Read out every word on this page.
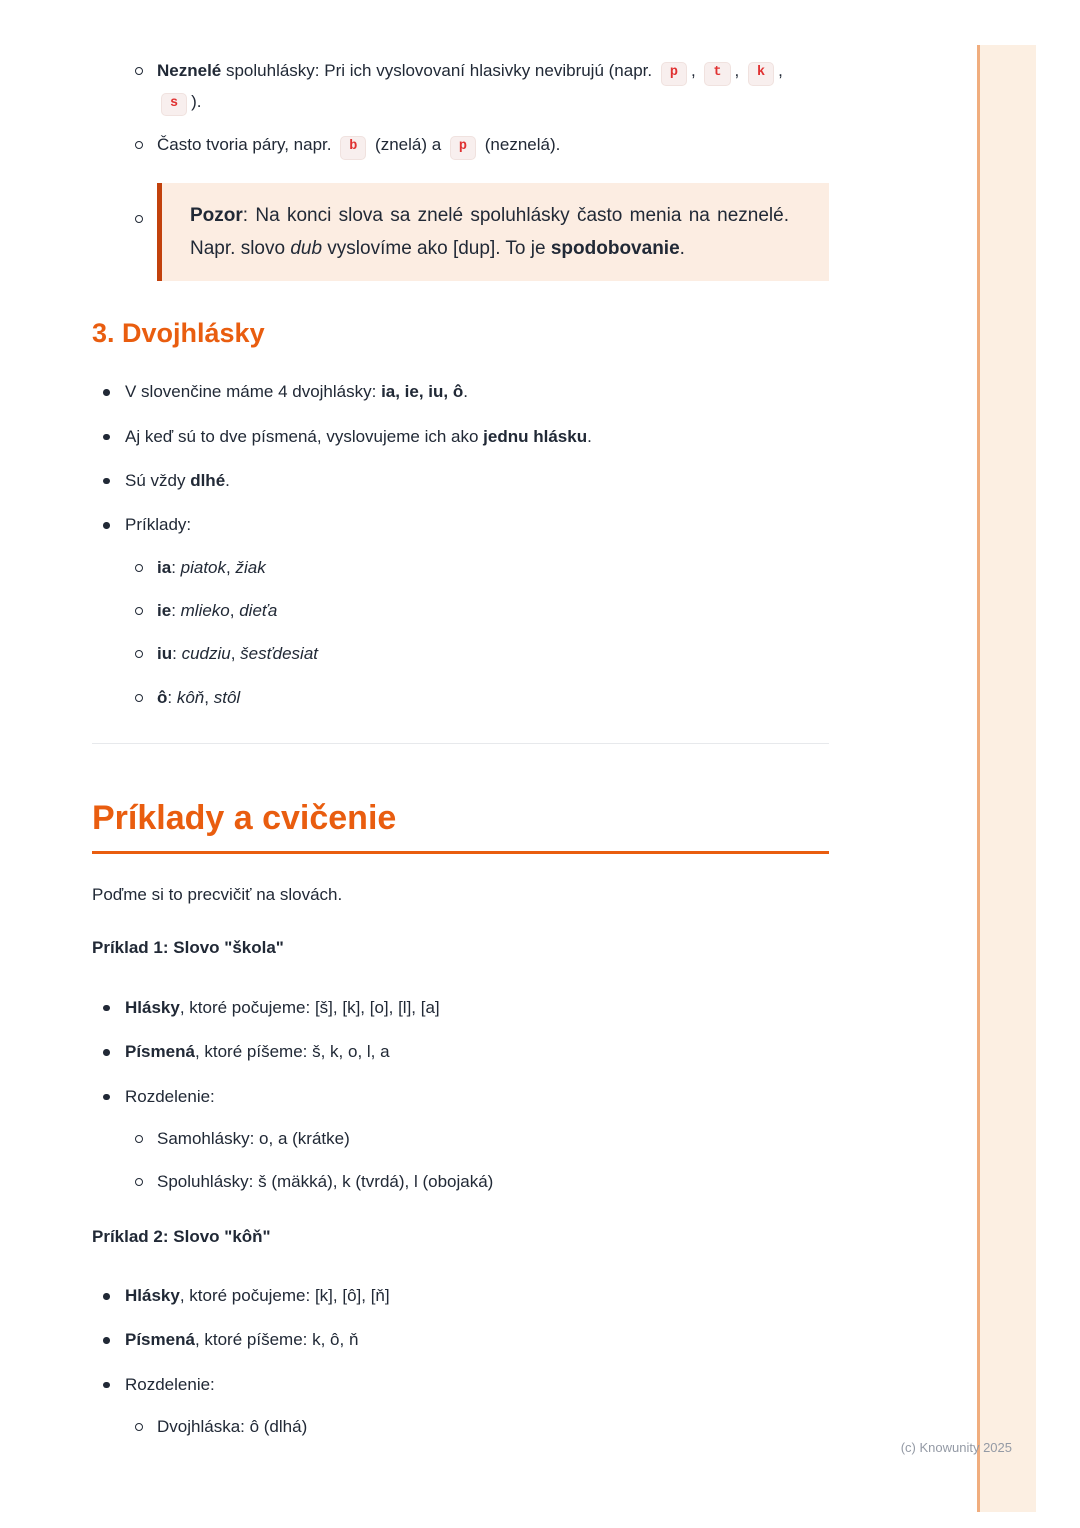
Neznelé spoluhlásky: Pri ich vyslovovaní hlasivky nevibrujú (napr. p , t , k , s ).
Často tvoria páry, napr. b (znelá) a p (neznelá).
Pozor: Na konci slova sa znelé spoluhlásky často menia na neznelé. Napr. slovo dub vyslovíme ako [dup]. To je spodobovanie.
3. Dvojhlásky
V slovenčine máme 4 dvojhlásky: ia, ie, iu, ô.
Aj keď sú to dve písmená, vyslovujeme ich ako jednu hlásku.
Sú vždy dlhé.
Príklady:
ia: piatok, žiak
ie: mlieko, dieťa
iu: cudziu, šesťdesiat
ô: kôň, stôl
Príklady a cvičenie

Poďme si to precvičiť na slovách.

Príklad 1: Slovo "škola"

Hlásky, ktoré počujeme: [š], [k], [o], [l], [a]
Písmená, ktoré píšeme: š, k, o, l, a
Rozdelenie:
Samohlásky: o, a (krátke)
Spoluhlásky: š (mäkká), k (tvrdá), l (obojaká)

Príklad 2: Slovo "kôň"

Hlásky, ktoré počujeme: [k], [ô], [ň]
Písmená, ktoré píšeme: k, ô, ň
Rozdelenie:
Dvojhláska: ô (dlhá)
(c) Knowunity 2025
